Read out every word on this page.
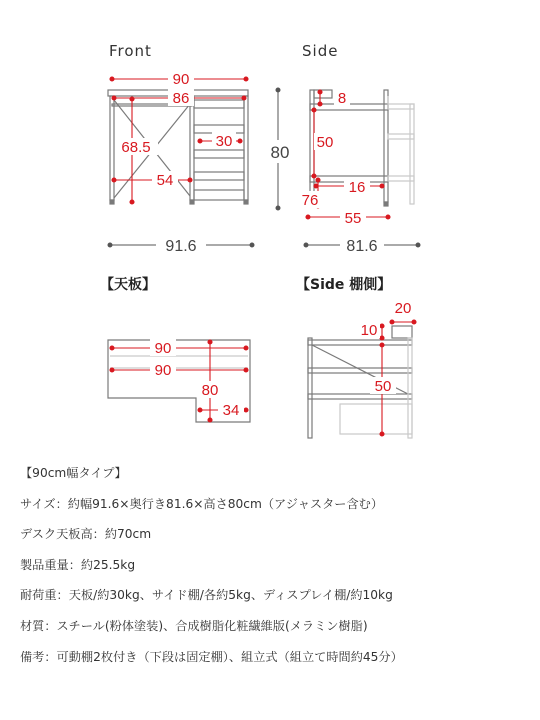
Front	Side
【天板】	【Side 棚側】
90
86
68.5	30
54
80
91.6
8
50
16
76
55
81.6
90
90
80
34
20
10
50
【90cm幅タイプ】
サイズ：約幅91.6×奥行き81.6×高さ80cm（アジャスター含む）
デスク天板高：約70cm
製品重量：約25.5kg
耐荷重：天板/約30kg、サイド棚/各約5kg、ディスプレイ棚/約10kg
材質：スチール(粉体塗装)、合成樹脂化粧繊維版(メラミン樹脂)
備考：可動棚2枚付き（下段は固定棚）、組立式（組立て時間約45分）
